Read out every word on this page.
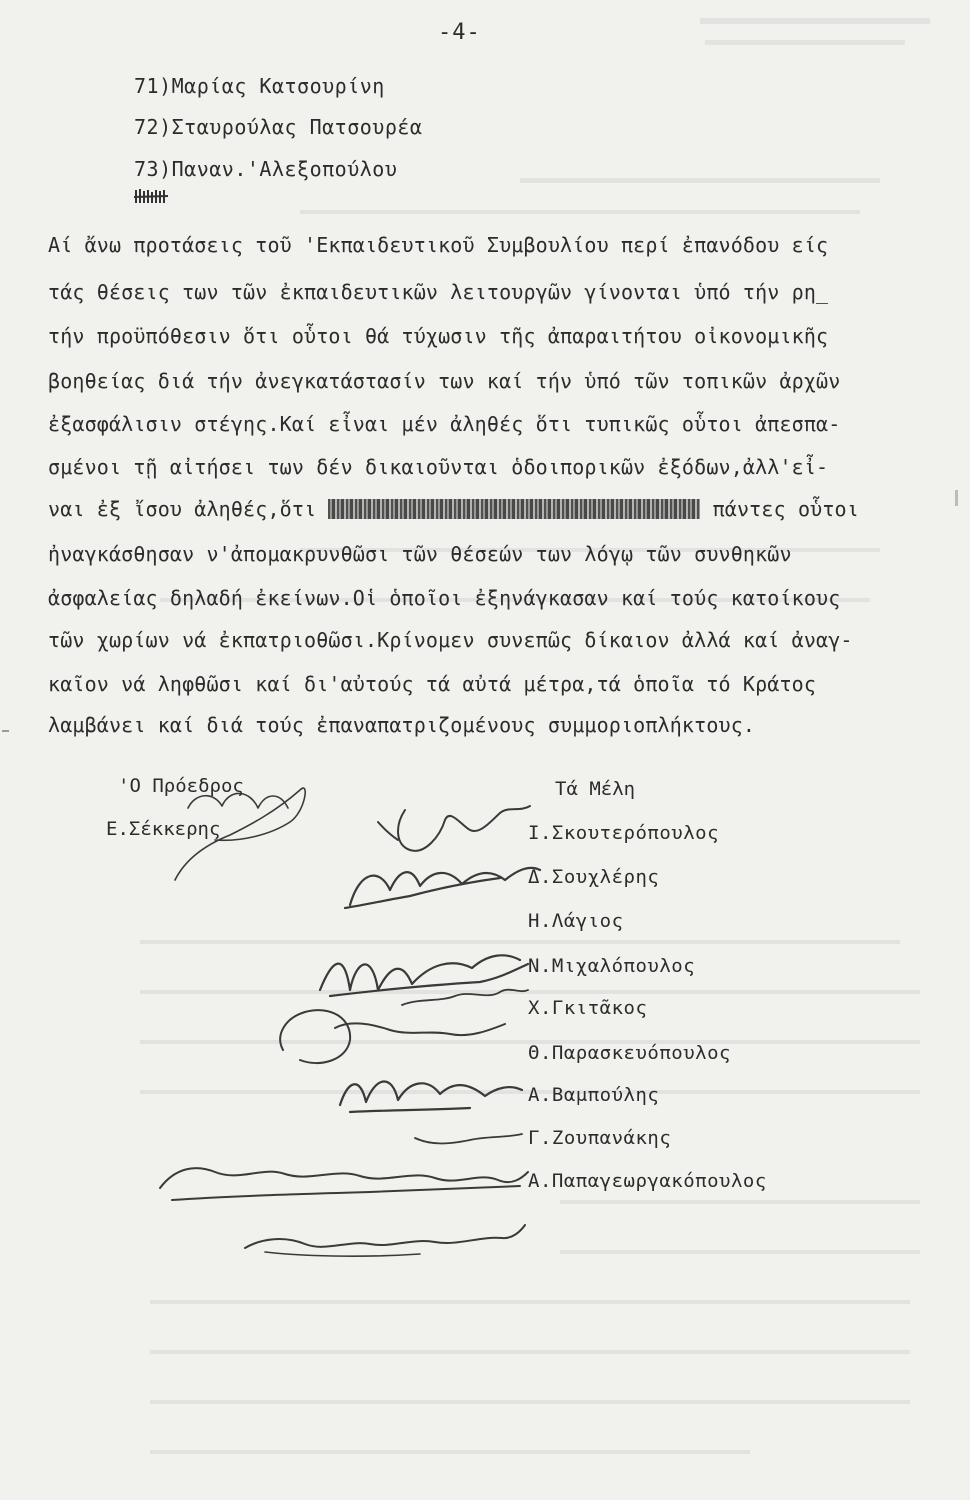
-4-
71)Μαρίας Κατσουρίνη
72)Σταυρούλας Πατσουρέα
73)Παναν.'Αλεξοπούλου
Αί ἄνω προτάσεις τοῦ 'Εκπαιδευτικοῦ Συμβουλίου περί ἐπανόδου είς
τάς θέσεις των τῶν ἐκπαιδευτικῶν λειτουργῶν γίνονται ὑπό τήν ρη_
τήν προϋπόθεσιν ὅτι οὗτοι θά τύχωσιν τῆς ἀπαραιτήτου οἰκονομικῆς
βοηθείας διά τήν ἀνεγκατάστασίν των καί τήν ὑπό τῶν τοπικῶν ἀρχῶν
ἐξασφάλισιν στέγης.Καί εἶναι μέν ἀληθές ὅτι τυπικῶς οὗτοι ἀπεσπα-
σμένοι τῇ αἰτήσει των δέν δικαιοῦνται ὁδοιπορικῶν ἐξόδων,ἀλλ'εἶ-
ναι ἐξ ἴσου ἀληθές,ὅτι	πάντες οὗτοι
ἠναγκάσθησαν ν'ἀπομακρυνθῶσι τῶν θέσεών των λόγῳ τῶν συνθηκῶν
ἀσφαλείας δηλαδή ἐκείνων.Οἱ ὁποῖοι ἐξηνάγκασαν καί τούς κατοίκους
τῶν χωρίων νά ἐκπατριοθῶσι.Κρίνομεν συνεπῶς δίκαιον ἀλλά καί ἀναγ-
καῖον νά ληφθῶσι καί δι'αὐτούς τά αὐτά μέτρα,τά ὁποῖα τό Κράτος
λαμβάνει καί διά τούς ἐπαναπατριζομένους συμμοριοπλήκτους.
'Ο Πρόεδρος
Ε.Σέκκερης
Τά Μέλη
Ι.Σκουτερόπουλος
Δ.Σουχλέρης
Η.Λάγιος
Ν.Μιχαλόπουλος
Χ.Γκιτᾶκος
Θ.Παρασκευόπουλος
Α.Βαμπούλης
Γ.Ζουπανάκης
Α.Παπαγεωργακόπουλος
